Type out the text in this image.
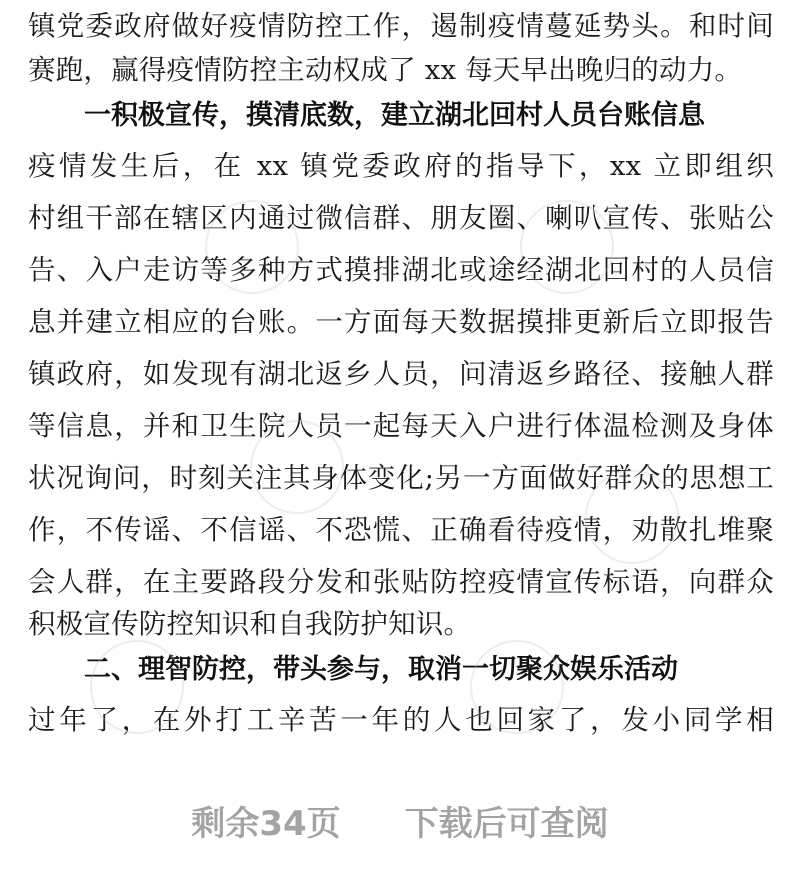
镇党委政府做好疫情防控工作，遏制疫情蔓延势头。和时间
赛跑，赢得疫情防控主动权成了 xx 每天早出晚归的动力。
一积极宣传，摸清底数，建立湖北回村人员台账信息
疫情发生后，在 xx 镇党委政府的指导下，xx 立即组织
村组干部在辖区内通过微信群、朋友圈、喇叭宣传、张贴公
告、入户走访等多种方式摸排湖北或途经湖北回村的人员信
息并建立相应的台账。一方面每天数据摸排更新后立即报告
镇政府，如发现有湖北返乡人员，问清返乡路径、接触人群
等信息，并和卫生院人员一起每天入户进行体温检测及身体
状况询问，时刻关注其身体变化;另一方面做好群众的思想工
作，不传谣、不信谣、不恐慌、正确看待疫情，劝散扎堆聚
会人群，在主要路段分发和张贴防控疫情宣传标语，向群众
积极宣传防控知识和自我防护知识。
二、理智防控，带头参与，取消一切聚众娱乐活动
过年了，在外打工辛苦一年的人也回家了，发小同学相
剩余34页 下载后可查阅
